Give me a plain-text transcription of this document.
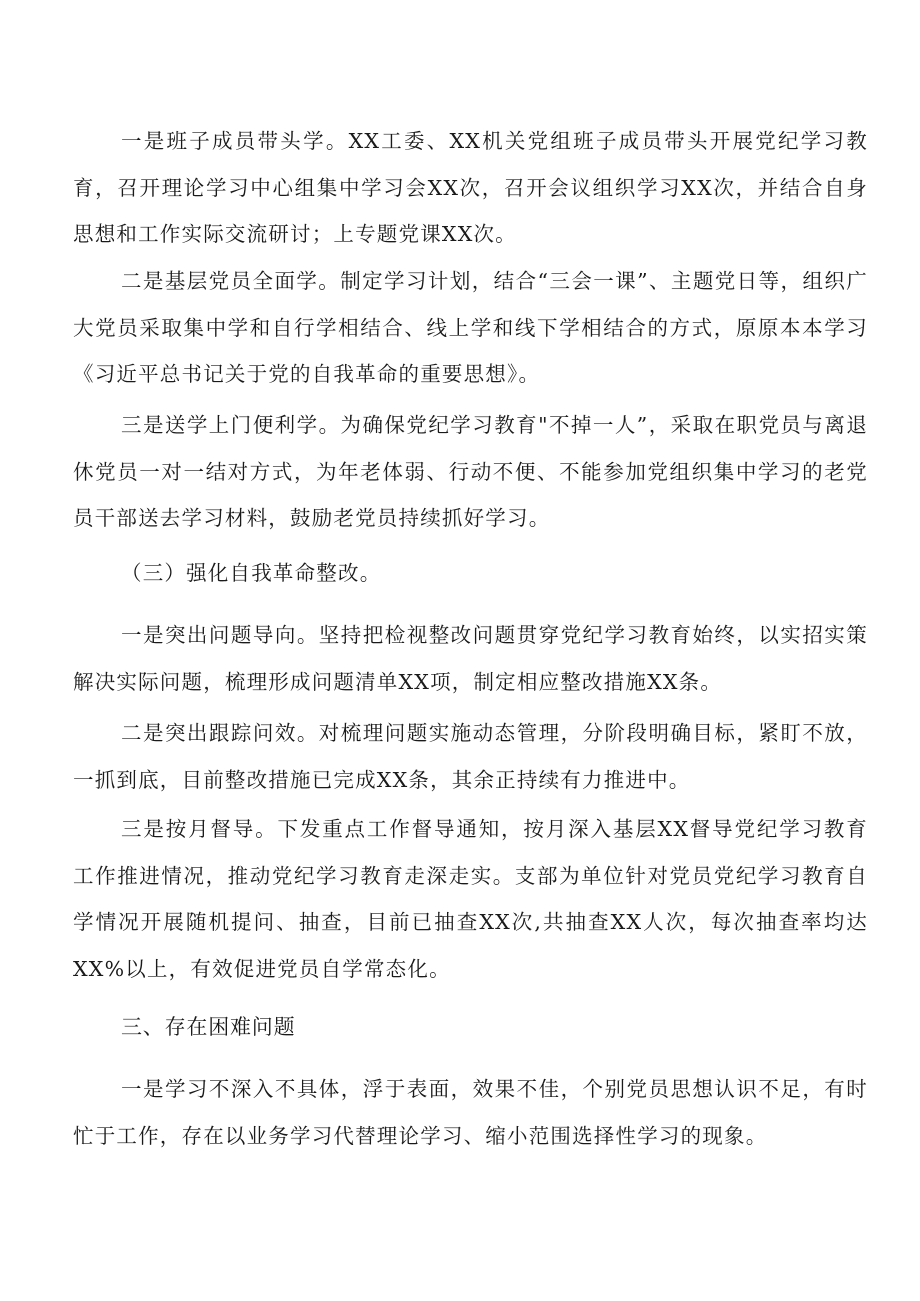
一是班子成员带头学。XX工委、XX机关党组班子成员带头开展党纪学习教育，召开理论学习中心组集中学习会XX次，召开会议组织学习XX次，并结合自身思想和工作实际交流研讨；上专题党课XX次。

二是基层党员全面学。制定学习计划，结合“三会一课”、主题党日等，组织广大党员采取集中学和自行学相结合、线上学和线下学相结合的方式，原原本本学习《习近平总书记关于党的自我革命的重要思想》。

三是送学上门便利学。为确保党纪学习教育"不掉一人”，采取在职党员与离退休党员一对一结对方式，为年老体弱、行动不便、不能参加党组织集中学习的老党员干部送去学习材料，鼓励老党员持续抓好学习。

（三）强化自我革命整改。

一是突出问题导向。坚持把检视整改问题贯穿党纪学习教育始终，以实招实策解决实际问题，梳理形成问题清单XX项，制定相应整改措施XX条。

二是突出跟踪问效。对梳理问题实施动态管理，分阶段明确目标，紧盯不放，一抓到底，目前整改措施已完成XX条，其余正持续有力推进中。

三是按月督导。下发重点工作督导通知，按月深入基层XX督导党纪学习教育工作推进情况，推动党纪学习教育走深走实。支部为单位针对党员党纪学习教育自学情况开展随机提问、抽查，目前已抽查XX次,共抽查XX人次，每次抽查率均达XX%以上，有效促进党员自学常态化。

三、存在困难问题

一是学习不深入不具体，浮于表面，效果不佳，个别党员思想认识不足，有时忙于工作，存在以业务学习代替理论学习、缩小范围选择性学习的现象。
